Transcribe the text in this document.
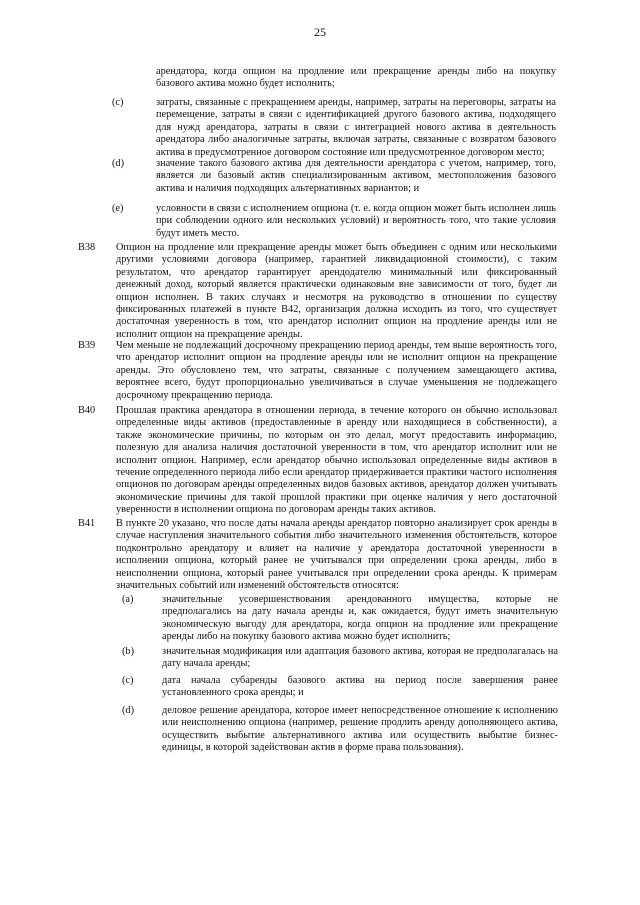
25
арендатора, когда опцион на продление или прекращение аренды либо на покупку базового актива можно будет исполнить;
(c)	затраты, связанные с прекращением аренды, например, затраты на переговоры, затраты на перемещение, затраты в связи с идентификацией другого базового актива, подходящего для нужд арендатора, затраты в связи с интеграцией нового актива в деятельность арендатора либо аналогичные затраты, включая затраты, связанные с возвратом базового актива в предусмотренное договором состояние или предусмотренное договором место;
(d)	значение такого базового актива для деятельности арендатора с учетом, например, того, является ли базовый актив специализированным активом, местоположения базового актива и наличия подходящих альтернативных вариантов; и
(e)	условности в связи с исполнением опциона (т. е. когда опцион может быть исполнен лишь при соблюдении одного или нескольких условий) и вероятность того, что такие условия будут иметь место.
B38 Опцион на продление или прекращение аренды может быть объединен с одним или несколькими другими условиями договора (например, гарантией ликвидационной стоимости), с таким результатом, что арендатор гарантирует арендодателю минимальный или фиксированный денежный доход, который является практически одинаковым вне зависимости от того, будет ли опцион исполнен. В таких случаях и несмотря на руководство в отношении по существу фиксированных платежей в пункте B42, организация должна исходить из того, что существует достаточная уверенность в том, что арендатор исполнит опцион на продление аренды или не исполнит опцион на прекращение аренды.
B39 Чем меньше не подлежащий досрочному прекращению период аренды, тем выше вероятность того, что арендатор исполнит опцион на продление аренды или не исполнит опцион на прекращение аренды. Это обусловлено тем, что затраты, связанные с получением замещающего актива, вероятнее всего, будут пропорционально увеличиваться в случае уменьшения не подлежащего досрочному прекращению периода.
B40 Прошлая практика арендатора в отношении периода, в течение которого он обычно использовал определенные виды активов (предоставленные в аренду или находящиеся в собственности), а также экономические причины, по которым он это делал, могут предоставить информацию, полезную для анализа наличия достаточной уверенности в том, что арендатор исполнит или не исполнит опцион. Например, если арендатор обычно использовал определенные виды активов в течение определенного периода либо если арендатор придерживается практики частого исполнения опционов по договорам аренды определенных видов базовых активов, арендатор должен учитывать экономические причины для такой прошлой практики при оценке наличия у него достаточной уверенности в исполнении опциона по договорам аренды таких активов.
B41 В пункте 20 указано, что после даты начала аренды арендатор повторно анализирует срок аренды в случае наступления значительного события либо значительного изменения обстоятельств, которое подконтрольно арендатору и влияет на наличие у арендатора достаточной уверенности в исполнении опциона, который ранее не учитывался при определении срока аренды, либо в неисполнении опциона, который ранее учитывался при определении срока аренды. К примерам значительных событий или изменений обстоятельств относятся:
(a)	значительные усовершенствования арендованного имущества, которые не предполагались на дату начала аренды и, как ожидается, будут иметь значительную экономическую выгоду для арендатора, когда опцион на продление или прекращение аренды либо на покупку базового актива можно будет исполнить;
(b)	значительная модификация или адаптация базового актива, которая не предполагалась на дату начала аренды;
(c)	дата начала субаренды базового актива на период после завершения ранее установленного срока аренды; и
(d)	деловое решение арендатора, которое имеет непосредственное отношение к исполнению или неисполнению опциона (например, решение продлить аренду дополняющего актива, осуществить выбытие альтернативного актива или осуществить выбытие бизнес-единицы, в которой задействован актив в форме права пользования).
